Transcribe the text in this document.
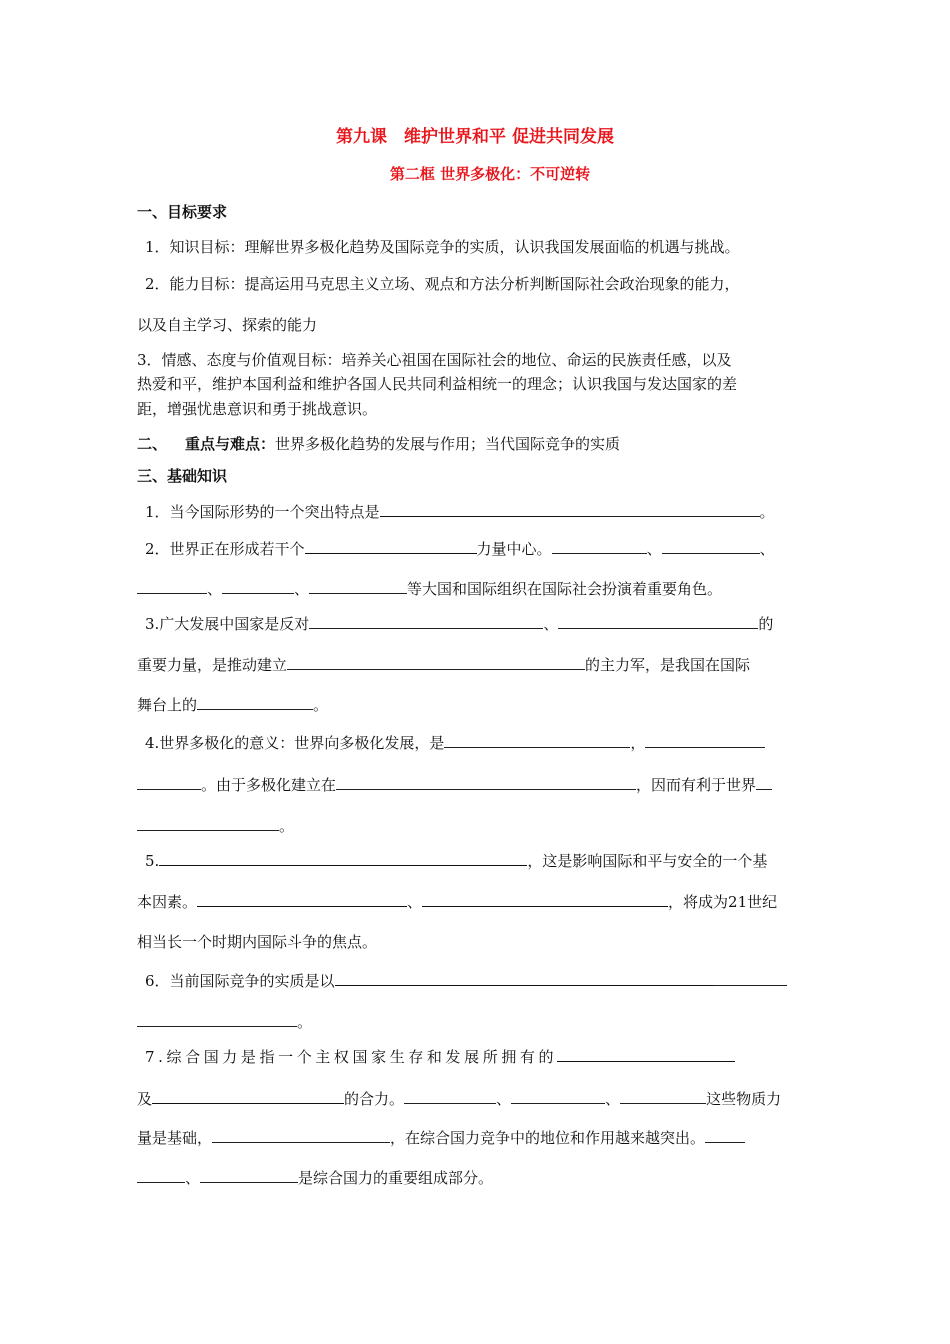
第九课　维护世界和平 促进共同发展
第二框 世界多极化：不可逆转
一、目标要求
1．知识目标：理解世界多极化趋势及国际竞争的实质，认识我国发展面临的机遇与挑战。
2．能力目标：提高运用马克思主义立场、观点和方法分析判断国际社会政治现象的能力，
以及自主学习、探索的能力
3．情感、态度与价值观目标：培养关心祖国在国际社会的地位、命运的民族责任感，以及
热爱和平，维护本国利益和维护各国人民共同利益相统一的理念；认识我国与发达国家的差
距，增强忧患意识和勇于挑战意识。
二、 重点与难点：世界多极化趋势的发展与作用；当代国际竞争的实质
三、基础知识
1．当今国际形势的一个突出特点是	。
2．世界正在形成若干个	力量中心。	、	、
、	、	等大国和国际组织在国际社会扮演着重要角色。
3.广大发展中国家是反对	、	的
重要力量，是推动建立	的主力军，是我国在国际
舞台上的	。
4.世界多极化的意义：世界向多极化发展，是	，
。由于多极化建立在	，因而有利于世界
。
5.	，这是影响国际和平与安全的一个基
本因素。	、	，将成为21世纪
相当长一个时期内国际斗争的焦点。
6．当前国际竞争的实质是以
。
7.综合国力是指一个主权国家生存和发展所拥有的
及	的合力。	、	、	这些物质力
量是基础，	，在综合国力竞争中的地位和作用越来越突出。
、	是综合国力的重要组成部分。
